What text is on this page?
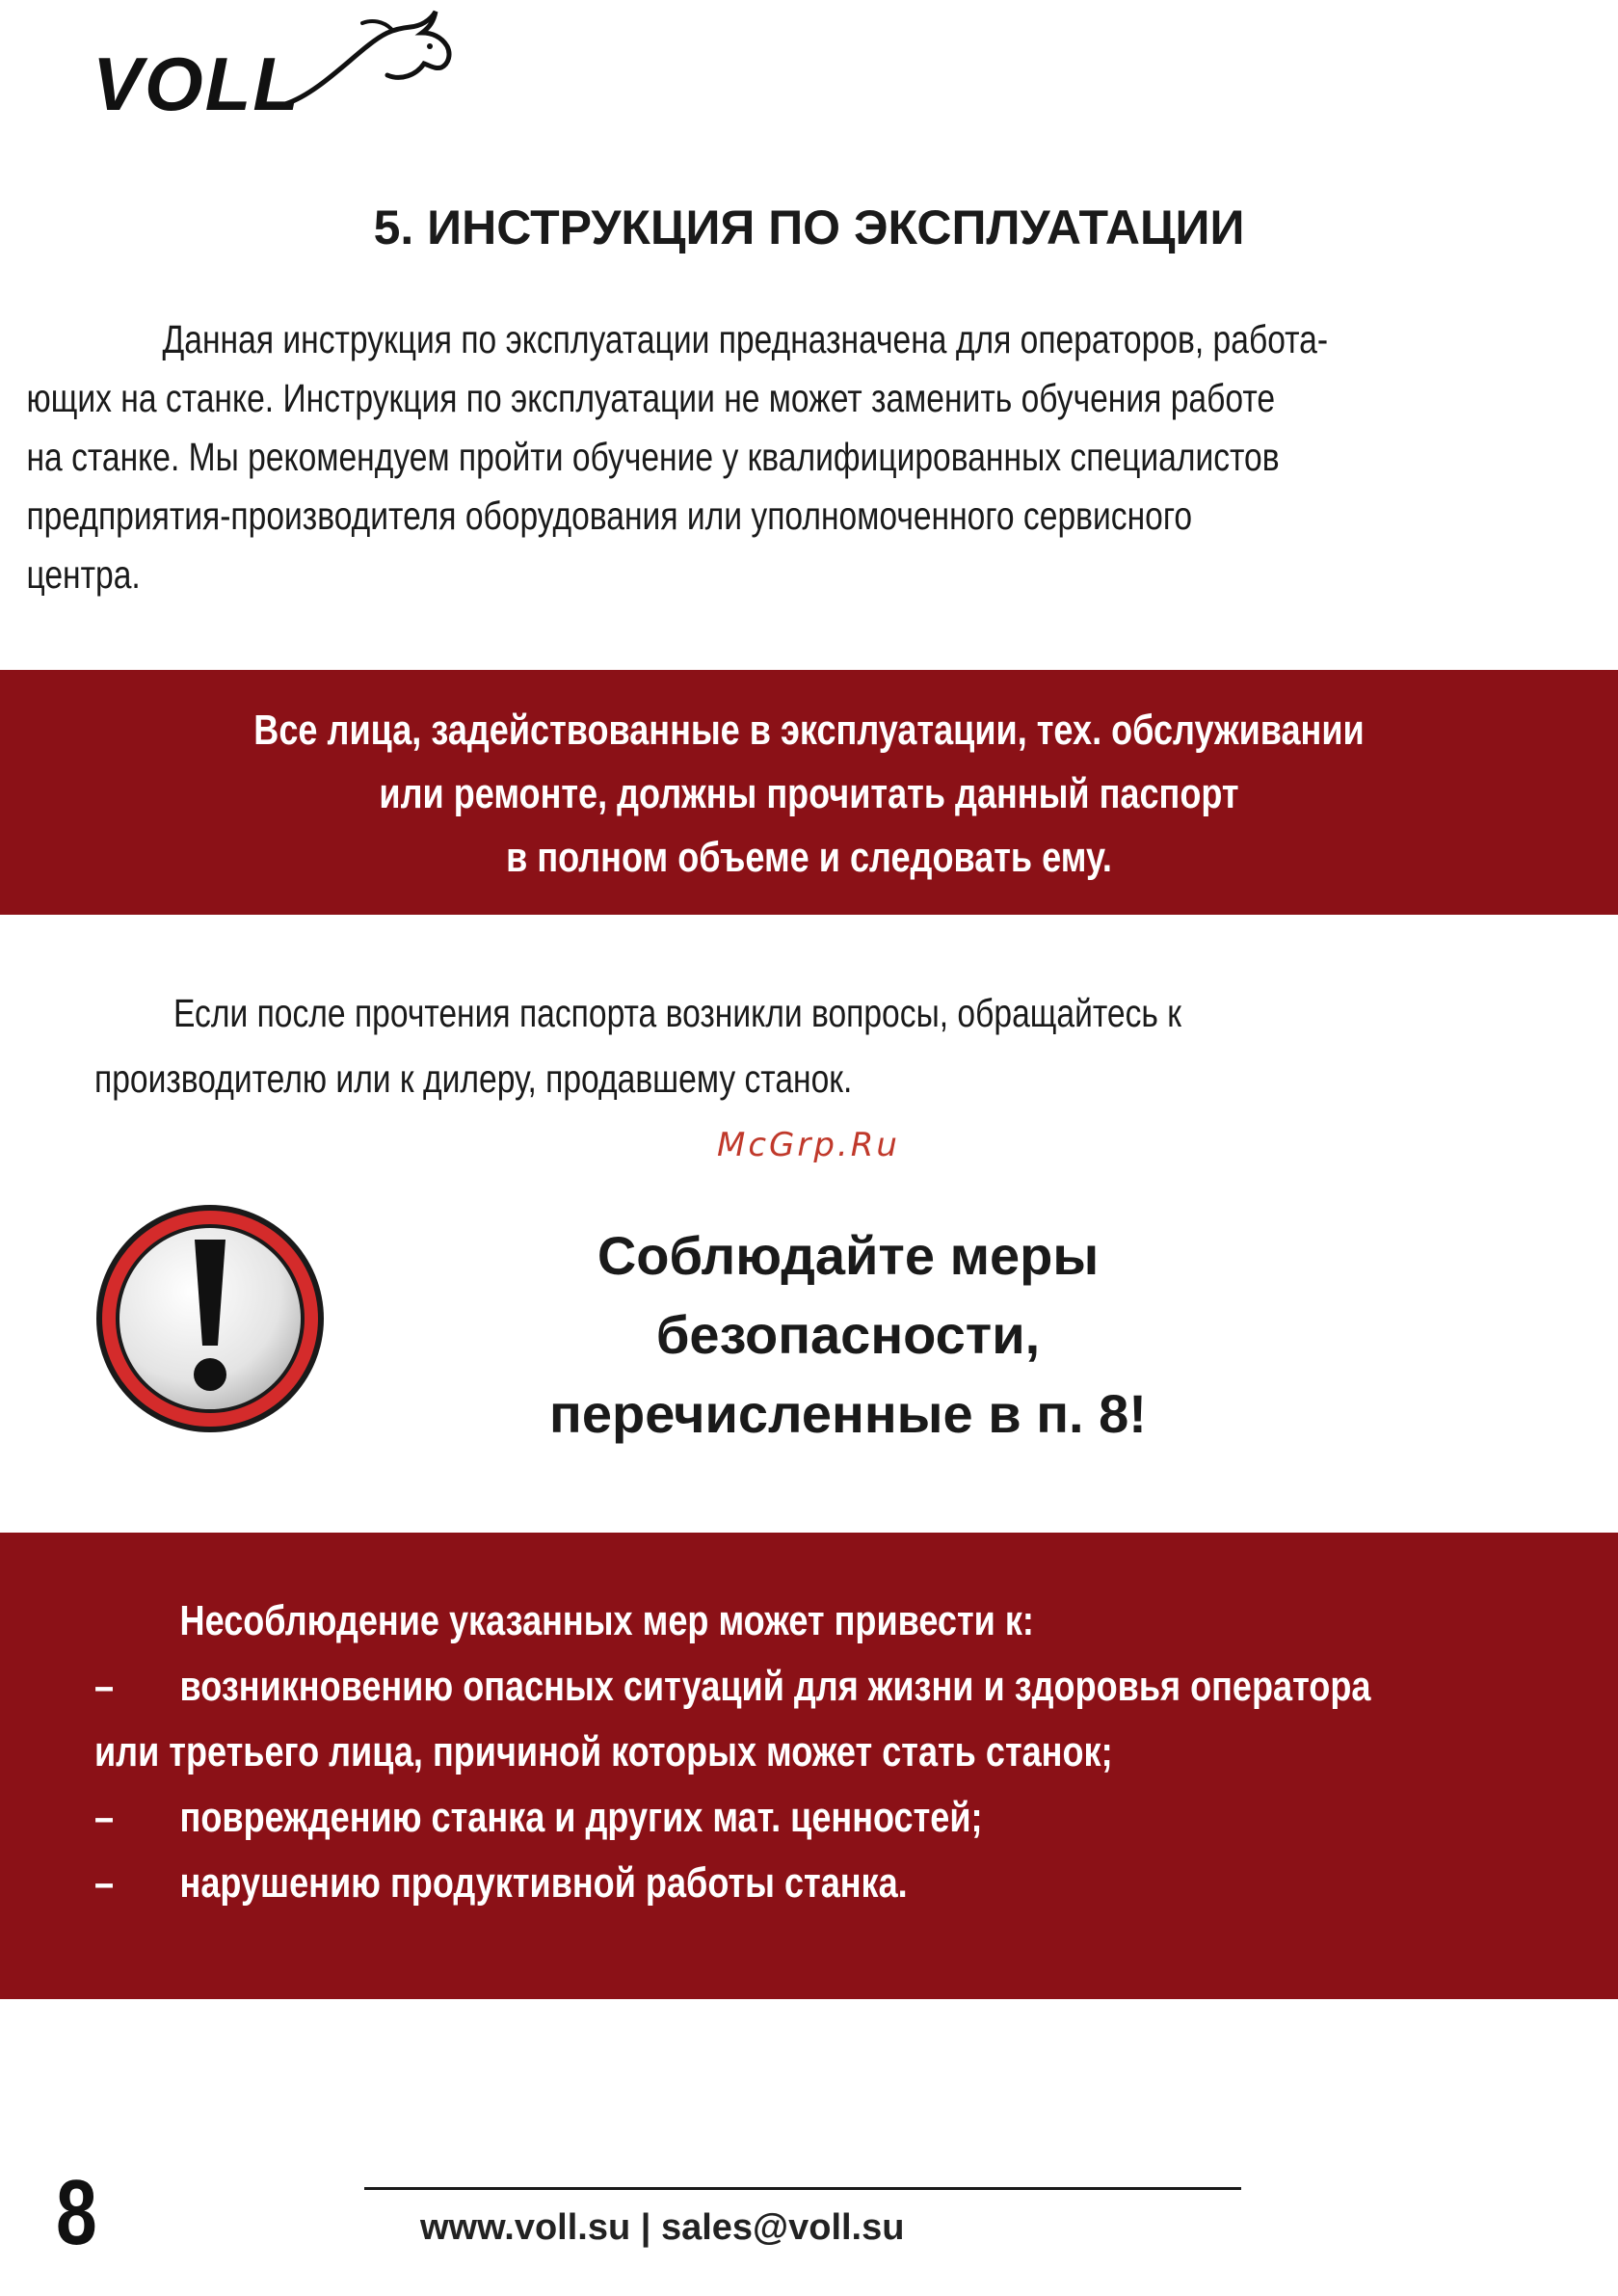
VOLL
5. ИНСТРУКЦИЯ ПО ЭКСПЛУАТАЦИИ

Данная инструкция по эксплуатации предназначена для операторов, работа-
ющих на станке. Инструкция по эксплуатации не может заменить обучения работе
на станке. Мы рекомендуем пройти обучение у квалифицированных специалистов
предприятия-производителя оборудования или уполномоченного сервисного
центра.

Все лица, задействованные в эксплуатации, тех. обслуживании
или ремонте, должны прочитать данный паспорт
в полном объеме и следовать ему.

Если после прочтения паспорта возникли вопросы, обращайтесь к

производителю или к дилеру, продавшему станок.

McGrp.Ru
Соблюдайте меры
безопасности,
перечисленные в п. 8!
Несоблюдение указанных мер может привести к:
– возникновению опасных ситуаций для жизни и здоровья оператора
или третьего лица, причиной которых может стать станок;
– повреждению станка и других мат. ценностей;
– нарушению продуктивной работы станка.
8	www.voll.su | sales@voll.su
